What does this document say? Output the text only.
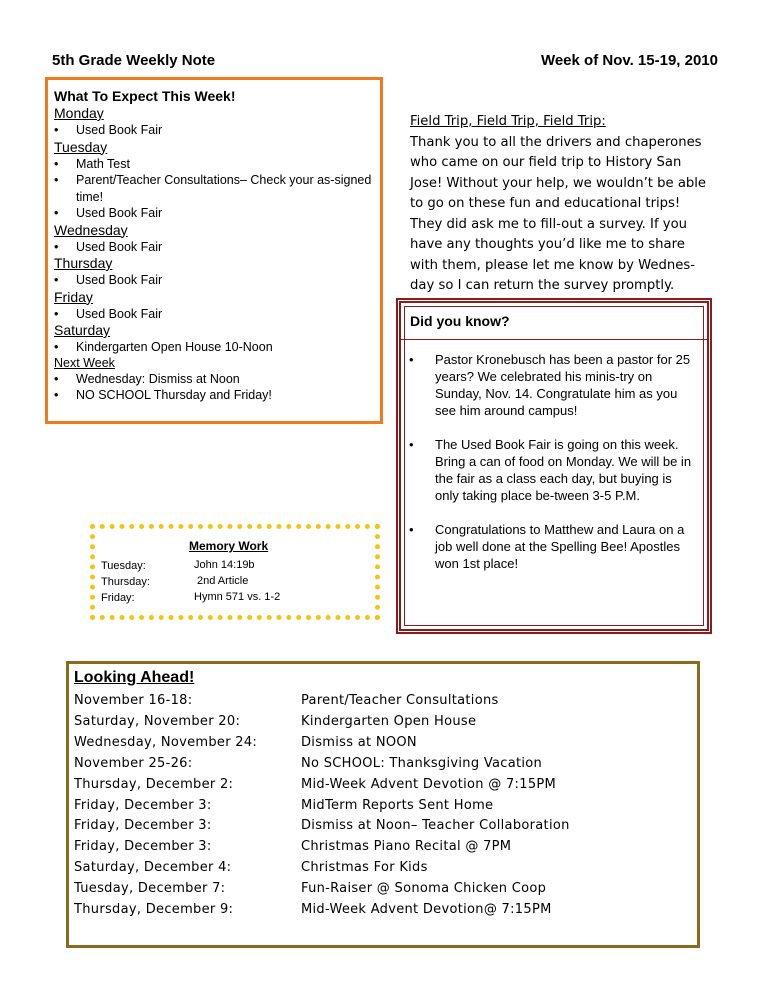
5th Grade Weekly Note	Week of Nov. 15-19, 2010
What To Expect This Week!
Monday
• Used Book Fair
Tuesday
• Math Test
• Parent/Teacher Consultations– Check your as-signed time!
• Used Book Fair
Wednesday
• Used Book Fair
Thursday
• Used Book Fair
Friday
• Used Book Fair
Saturday
• Kindergarten Open House 10-Noon
Next Week
• Wednesday: Dismiss at Noon
• NO SCHOOL Thursday and Friday!
Field Trip, Field Trip, Field Trip:
Thank you to all the drivers and chaperones who came on our field trip to History San Jose! Without your help, we wouldn’t be able to go on these fun and educational trips! They did ask me to fill-out a survey. If you have any thoughts you’d like me to share with them, please let me know by Wednes-day so I can return the survey promptly.
Did you know?
• Pastor Kronebusch has been a pastor for 25 years? We celebrated his minis-try on Sunday, Nov. 14. Congratulate him as you see him around campus!
• The Used Book Fair is going on this week. Bring a can of food on Monday. We will be in the fair as a class each day, but buying is only taking place be-tween 3-5 P.M.
• Congratulations to Matthew and Laura on a job well done at the Spelling Bee! Apostles won 1st place!
Memory Work
Tuesday:	John 14:19b
Thursday:	2nd Article
Friday:	Hymn 571 vs. 1-2
Looking Ahead!
November 16-18:	Parent/Teacher Consultations
Saturday, November 20:	Kindergarten Open House
Wednesday, November 24:	Dismiss at NOON
November 25-26:	No SCHOOL: Thanksgiving Vacation
Thursday, December 2:	Mid-Week Advent Devotion @ 7:15PM
Friday, December 3:	MidTerm Reports Sent Home
Friday, December 3:	Dismiss at Noon– Teacher Collaboration
Friday, December 3:	Christmas Piano Recital @ 7PM
Saturday, December 4:	Christmas For Kids
Tuesday, December 7:	Fun-Raiser @ Sonoma Chicken Coop
Thursday, December 9:	Mid-Week Advent Devotion@ 7:15PM
